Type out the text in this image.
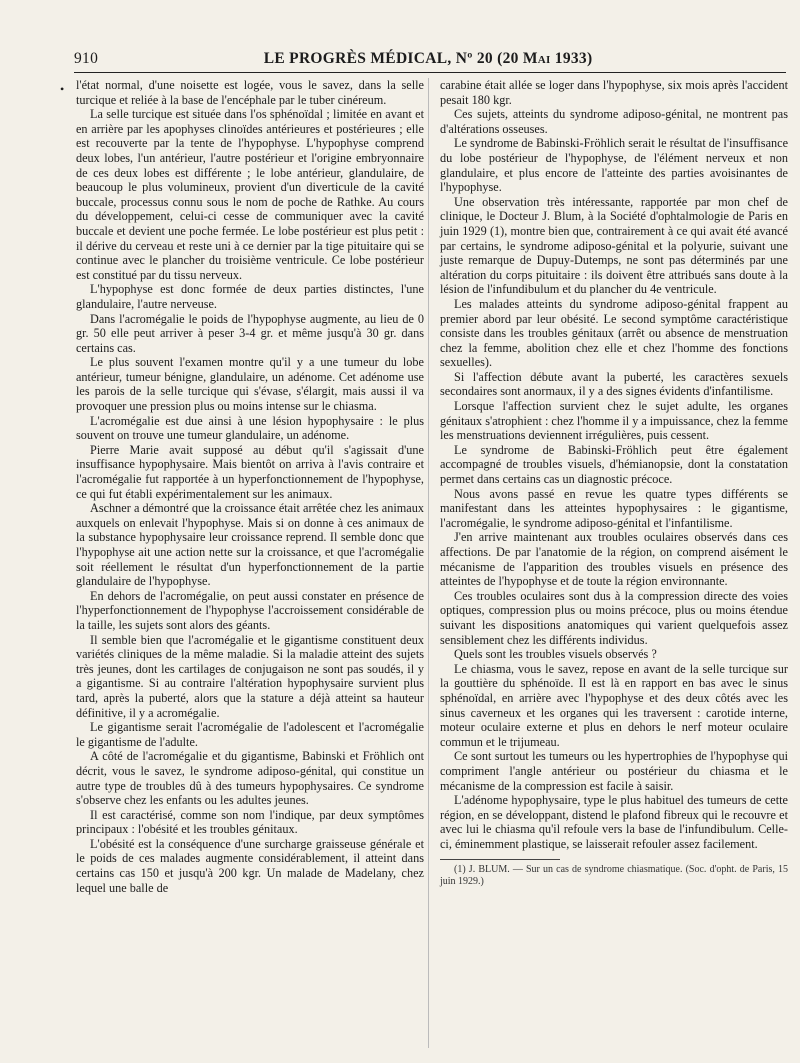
910	LE PROGRÈS MÉDICAL, Nº 20 (20 Mai 1933)
• l'état normal, d'une noisette est logée, vous le savez, dans la selle turcique et reliée à la base de l'encéphale par le tuber cinéreum.

La selle turcique est située dans l'os sphénoïdal ; limitée en avant et en arrière par les apophyses clinoïdes antérieures et postérieures ; elle est recouverte par la tente de l'hypophyse. L'hypophyse comprend deux lobes, l'un antérieur, l'autre postérieur et l'origine embryonnaire de ces deux lobes est différente ; le lobe antérieur, glandulaire, de beaucoup le plus volumineux, provient d'un diverticule de la cavité buccale, processus connu sous le nom de poche de Rathke. Au cours du développement, celui-ci cesse de communiquer avec la cavité buccale et devient une poche fermée. Le lobe postérieur est plus petit : il dérive du cerveau et reste uni à ce dernier par la tige pituitaire qui se continue avec le plancher du troisième ventricule. Ce lobe postérieur est constitué par du tissu nerveux.

L'hypophyse est donc formée de deux parties distinctes, l'une glandulaire, l'autre nerveuse.

Dans l'acromégalie le poids de l'hypophyse augmente, au lieu de 0 gr. 50 elle peut arriver à peser 3-4 gr. et même jusqu'à 30 gr. dans certains cas.

Le plus souvent l'examen montre qu'il y a une tumeur du lobe antérieur, tumeur bénigne, glandulaire, un adénome. Cet adénome use les parois de la selle turcique qui s'évase, s'élargit, mais aussi il va provoquer une pression plus ou moins intense sur le chiasma.

L'acromégalie est due ainsi à une lésion hypophysaire : le plus souvent on trouve une tumeur glandulaire, un adénome.

Pierre Marie avait supposé au début qu'il s'agissait d'une insuffisance hypophysaire. Mais bientôt on arriva à l'avis contraire et l'acromégalie fut rapportée à un hyperfonctionnement de l'hypophyse, ce qui fut établi expérimentalement sur les animaux.

Aschner a démontré que la croissance était arrêtée chez les animaux auxquels on enlevait l'hypophyse. Mais si on donne à ces animaux de la substance hypophysaire leur croissance reprend. Il semble donc que l'hypophyse ait une action nette sur la croissance, et que l'acromégalie soit réellement le résultat d'un hyperfonctionnement de la partie glandulaire de l'hypophyse.

En dehors de l'acromégalie, on peut aussi constater en présence de l'hyperfonctionnement de l'hypophyse l'accroissement considérable de la taille, les sujets sont alors des géants.

Il semble bien que l'acromégalie et le gigantisme constituent deux variétés cliniques de la même maladie. Si la maladie atteint des sujets très jeunes, dont les cartilages de conjugaison ne sont pas soudés, il y a gigantisme. Si au contraire l'altération hypophysaire survient plus tard, après la puberté, alors que la stature a déjà atteint sa hauteur définitive, il y a acromégalie.

Le gigantisme serait l'acromégalie de l'adolescent et l'acromégalie le gigantisme de l'adulte.

A côté de l'acromégalie et du gigantisme, Babinski et Fröhlich ont décrit, vous le savez, le syndrome adiposo-génital, qui constitue un autre type de troubles dû à des tumeurs hypophysaires. Ce syndrome s'observe chez les enfants ou les adultes jeunes.

Il est caractérisé, comme son nom l'indique, par deux symptômes principaux : l'obésité et les troubles génitaux.

L'obésité est la conséquence d'une surcharge graisseuse générale et le poids de ces malades augmente considérablement, il atteint dans certains cas 150 et jusqu'à 200 kgr. Un malade de Madelany, chez lequel une balle de

carabine était allée se loger dans l'hypophyse, six mois après l'accident pesait 180 kgr.

Ces sujets, atteints du syndrome adiposo-génital, ne montrent pas d'altérations osseuses.

Le syndrome de Babinski-Fröhlich serait le résultat de l'insuffisance du lobe postérieur de l'hypophyse, de l'élément nerveux et non glandulaire, et plus encore de l'atteinte des parties avoisinantes de l'hypophyse.

Une observation très intéressante, rapportée par mon chef de clinique, le Docteur J. Blum, à la Société d'ophtalmologie de Paris en juin 1929 (1), montre bien que, contrairement à ce qui avait été avancé par certains, le syndrome adiposo-génital et la polyurie, suivant une juste remarque de Dupuy-Dutemps, ne sont pas déterminés par une altération du corps pituitaire : ils doivent être attribués sans doute à la lésion de l'infundibulum et du plancher du 4e ventricule.

Les malades atteints du syndrome adiposo-génital frappent au premier abord par leur obésité. Le second symptôme caractéristique consiste dans les troubles génitaux (arrêt ou absence de menstruation chez la femme, abolition chez elle et chez l'homme des fonctions sexuelles).

Si l'affection débute avant la puberté, les caractères sexuels secondaires sont anormaux, il y a des signes évidents d'infantilisme.

Lorsque l'affection survient chez le sujet adulte, les organes génitaux s'atrophient : chez l'homme il y a impuissance, chez la femme les menstruations deviennent irrégulières, puis cessent.

Le syndrome de Babinski-Fröhlich peut être également accompagné de troubles visuels, d'hémianopsie, dont la constatation permet dans certains cas un diagnostic précoce.

Nous avons passé en revue les quatre types différents se manifestant dans les atteintes hypophysaires : le gigantisme, l'acromégalie, le syndrome adiposo-génital et l'infantilisme.

J'en arrive maintenant aux troubles oculaires observés dans ces affections. De par l'anatomie de la région, on comprend aisément le mécanisme de l'apparition des troubles visuels en présence des atteintes de l'hypophyse et de toute la région environnante.

Ces troubles oculaires sont dus à la compression directe des voies optiques, compression plus ou moins précoce, plus ou moins étendue suivant les dispositions anatomiques qui varient quelquefois assez sensiblement chez les différents individus.

Quels sont les troubles visuels observés ?

Le chiasma, vous le savez, repose en avant de la selle turcique sur la gouttière du sphénoïde. Il est là en rapport en bas avec le sinus sphénoïdal, en arrière avec l'hypophyse et des deux côtés avec les sinus caverneux et les organes qui les traversent : carotide interne, moteur oculaire externe et plus en dehors le nerf moteur oculaire commun et le trijumeau.

Ce sont surtout les tumeurs ou les hypertrophies de l'hypophyse qui compriment l'angle antérieur ou postérieur du chiasma et le mécanisme de la compression est facile à saisir.

L'adénome hypophysaire, type le plus habituel des tumeurs de cette région, en se développant, distend le plafond fibreux qui le recouvre et avec lui le chiasma qu'il refoule vers la base de l'infundibulum. Celle-ci, éminemment plastique, se laisserait refouler assez facilement.

(1) J. BLUM. — Sur un cas de syndrome chiasmatique. (Soc. d'opht. de Paris, 15 juin 1929.)
